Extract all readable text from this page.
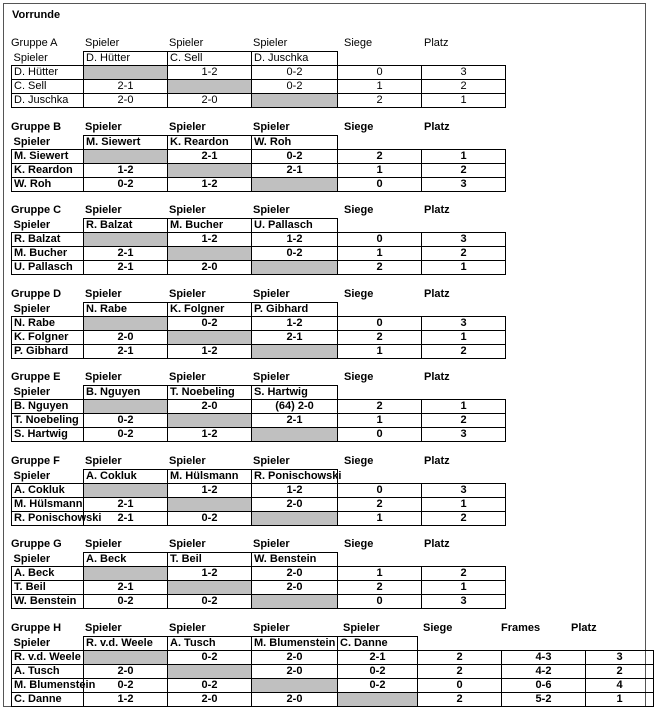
Vorrunde
Gruppe A	Spieler	Spieler	Spieler	Siege	Platz
Spieler	D. Hütter	C. Sell	D. Juschka		
D. Hütter		1-2	0-2	0	3
C. Sell	2-1		0-2	1	2
D. Juschka	2-0	2-0		2	1
Gruppe B Spieler	Spieler	Spieler	Siege	Platz
Spieler	M. Siewert	K. Reardon	W. Roh		
M. Siewert		2-1	0-2	2	1
K. Reardon	1-2		2-1	1	2
W. Roh	0-2	1-2		0	3
Gruppe C Spieler	Spieler	Spieler	Siege	Platz
Spieler	R. Balzat	M. Bucher	U. Pallasch		
R. Balzat		1-2	1-2	0	3
M. Bucher	2-1		0-2	1	2
U. Pallasch	2-1	2-0		2	1
Gruppe D Spieler	Spieler	Spieler	Siege	Platz
Spieler	N. Rabe	K. Folgner	P. Gibhard		
N. Rabe		0-2	1-2	0	3
K. Folgner	2-0		2-1	2	1
P. Gibhard	2-1	1-2		1	2
Gruppe E Spieler	Spieler	Spieler	Siege	Platz
Spieler	B. Nguyen	T. Noebeling	S. Hartwig		
B. Nguyen		2-0	(64) 2-0	2	1
T. Noebeling	0-2		2-1	1	2
S. Hartwig	0-2	1-2		0	3
Gruppe F Spieler	Spieler	Spieler	Siege	Platz
Spieler	A. Cokluk	M. Hülsmann	R. Ponischowski		
A. Cokluk		1-2	1-2	0	3
M. Hülsmann	2-1		2-0	2	1
R. Ponischowski	2-1	0-2		1	2
Gruppe G Spieler	Spieler	Spieler	Siege	Platz
Spieler	A. Beck	T. Beil	W. Benstein		
A. Beck		1-2	2-0	1	2
T. Beil	2-1		2-0	2	1
W. Benstein	0-2	0-2		0	3
Gruppe H Spieler	Spieler	Spieler	Spieler	Siege	Frames	Platz
Spieler	R. v.d. Weele	A. Tusch	M. Blumenstein	C. Danne			
R. v.d. Weele		0-2	2-0	2-1	2	4-3	3
A. Tusch	2-0		2-0	0-2	2	4-2	2
M. Blumenstein	0-2	0-2		0-2	0	0-6	4
C. Danne	1-2	2-0	2-0		2	5-2	1
